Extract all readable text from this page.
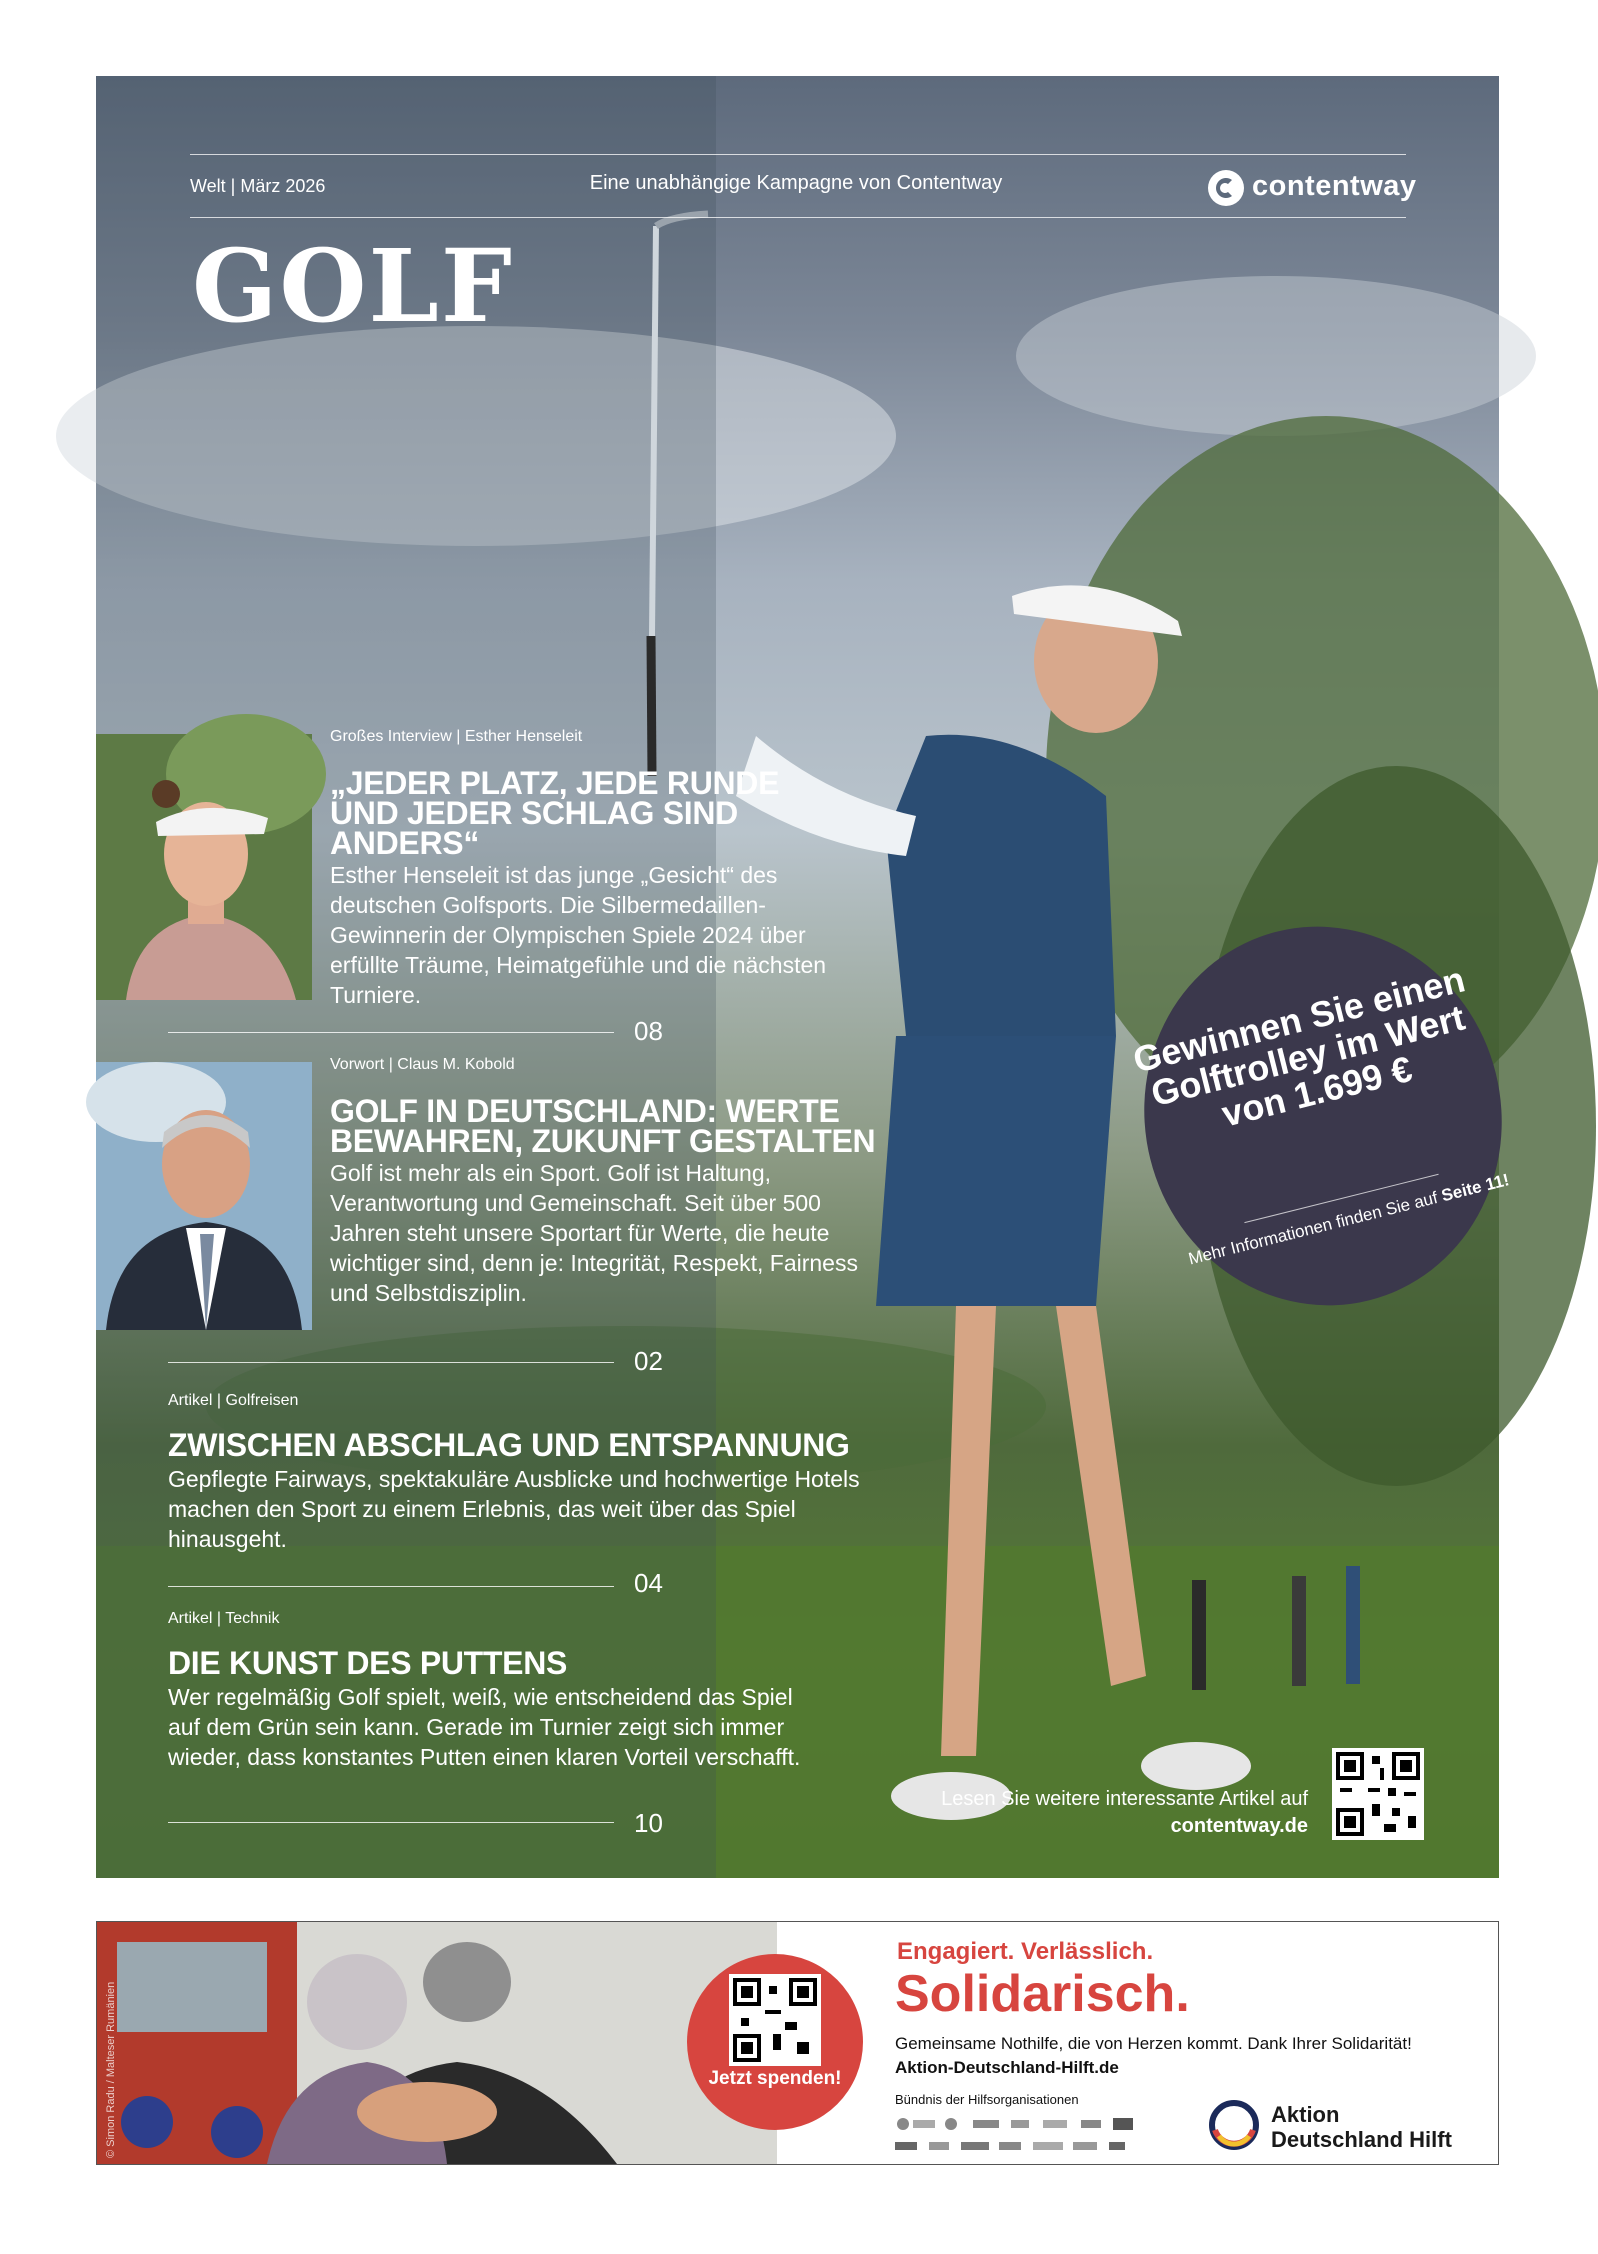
Welt | März 2026	Eine unabhängige Kampagne von Contentway	contentway
GOLF
Großes Interview | Esther Henseleit
„JEDER PLATZ, JEDE RUNDE UND JEDER SCHLAG SIND ANDERS“
Esther Henseleit ist das junge „Gesicht“ des deutschen Golfsports. Die Silbermedaillen-Gewinnerin der Olympischen Spiele 2024 über erfüllte Träume, Heimatgefühle und die nächsten Turniere.
08
Vorwort | Claus M. Kobold
GOLF IN DEUTSCHLAND: WERTE BEWAHREN, ZUKUNFT GESTALTEN
Golf ist mehr als ein Sport. Golf ist Haltung, Verantwortung und Gemeinschaft. Seit über 500 Jahren steht unsere Sportart für Werte, die heute wichtiger sind, denn je: Integrität, Respekt, Fairness und Selbstdisziplin.
02
Artikel | Golfreisen
ZWISCHEN ABSCHLAG UND ENTSPANNUNG
Gepflegte Fairways, spektakuläre Ausblicke und hochwertige Hotels machen den Sport zu einem Erlebnis, das weit über das Spiel hinausgeht.
04
Artikel | Technik
DIE KUNST DES PUTTENS
Wer regelmäßig Golf spielt, weiß, wie entscheidend das Spiel auf dem Grün sein kann. Gerade im Turnier zeigt sich immer wieder, dass konstantes Putten einen klaren Vorteil verschafft.
10
Gewinnen Sie einen Golftrolley im Wert von 1.699 €
Mehr Informationen finden Sie auf Seite 11!
Lesen Sie weitere interessante Artikel auf contentway.de
© Simon Radu / Malteser Rumänien	Jetzt spenden!
Engagiert. Verlässlich.
Solidarisch.
Gemeinsame Nothilfe, die von Herzen kommt. Dank Ihrer Solidarität!
Aktion-Deutschland-Hilft.de
Bündnis der Hilfsorganisationen
Aktion
Deutschland Hilft
